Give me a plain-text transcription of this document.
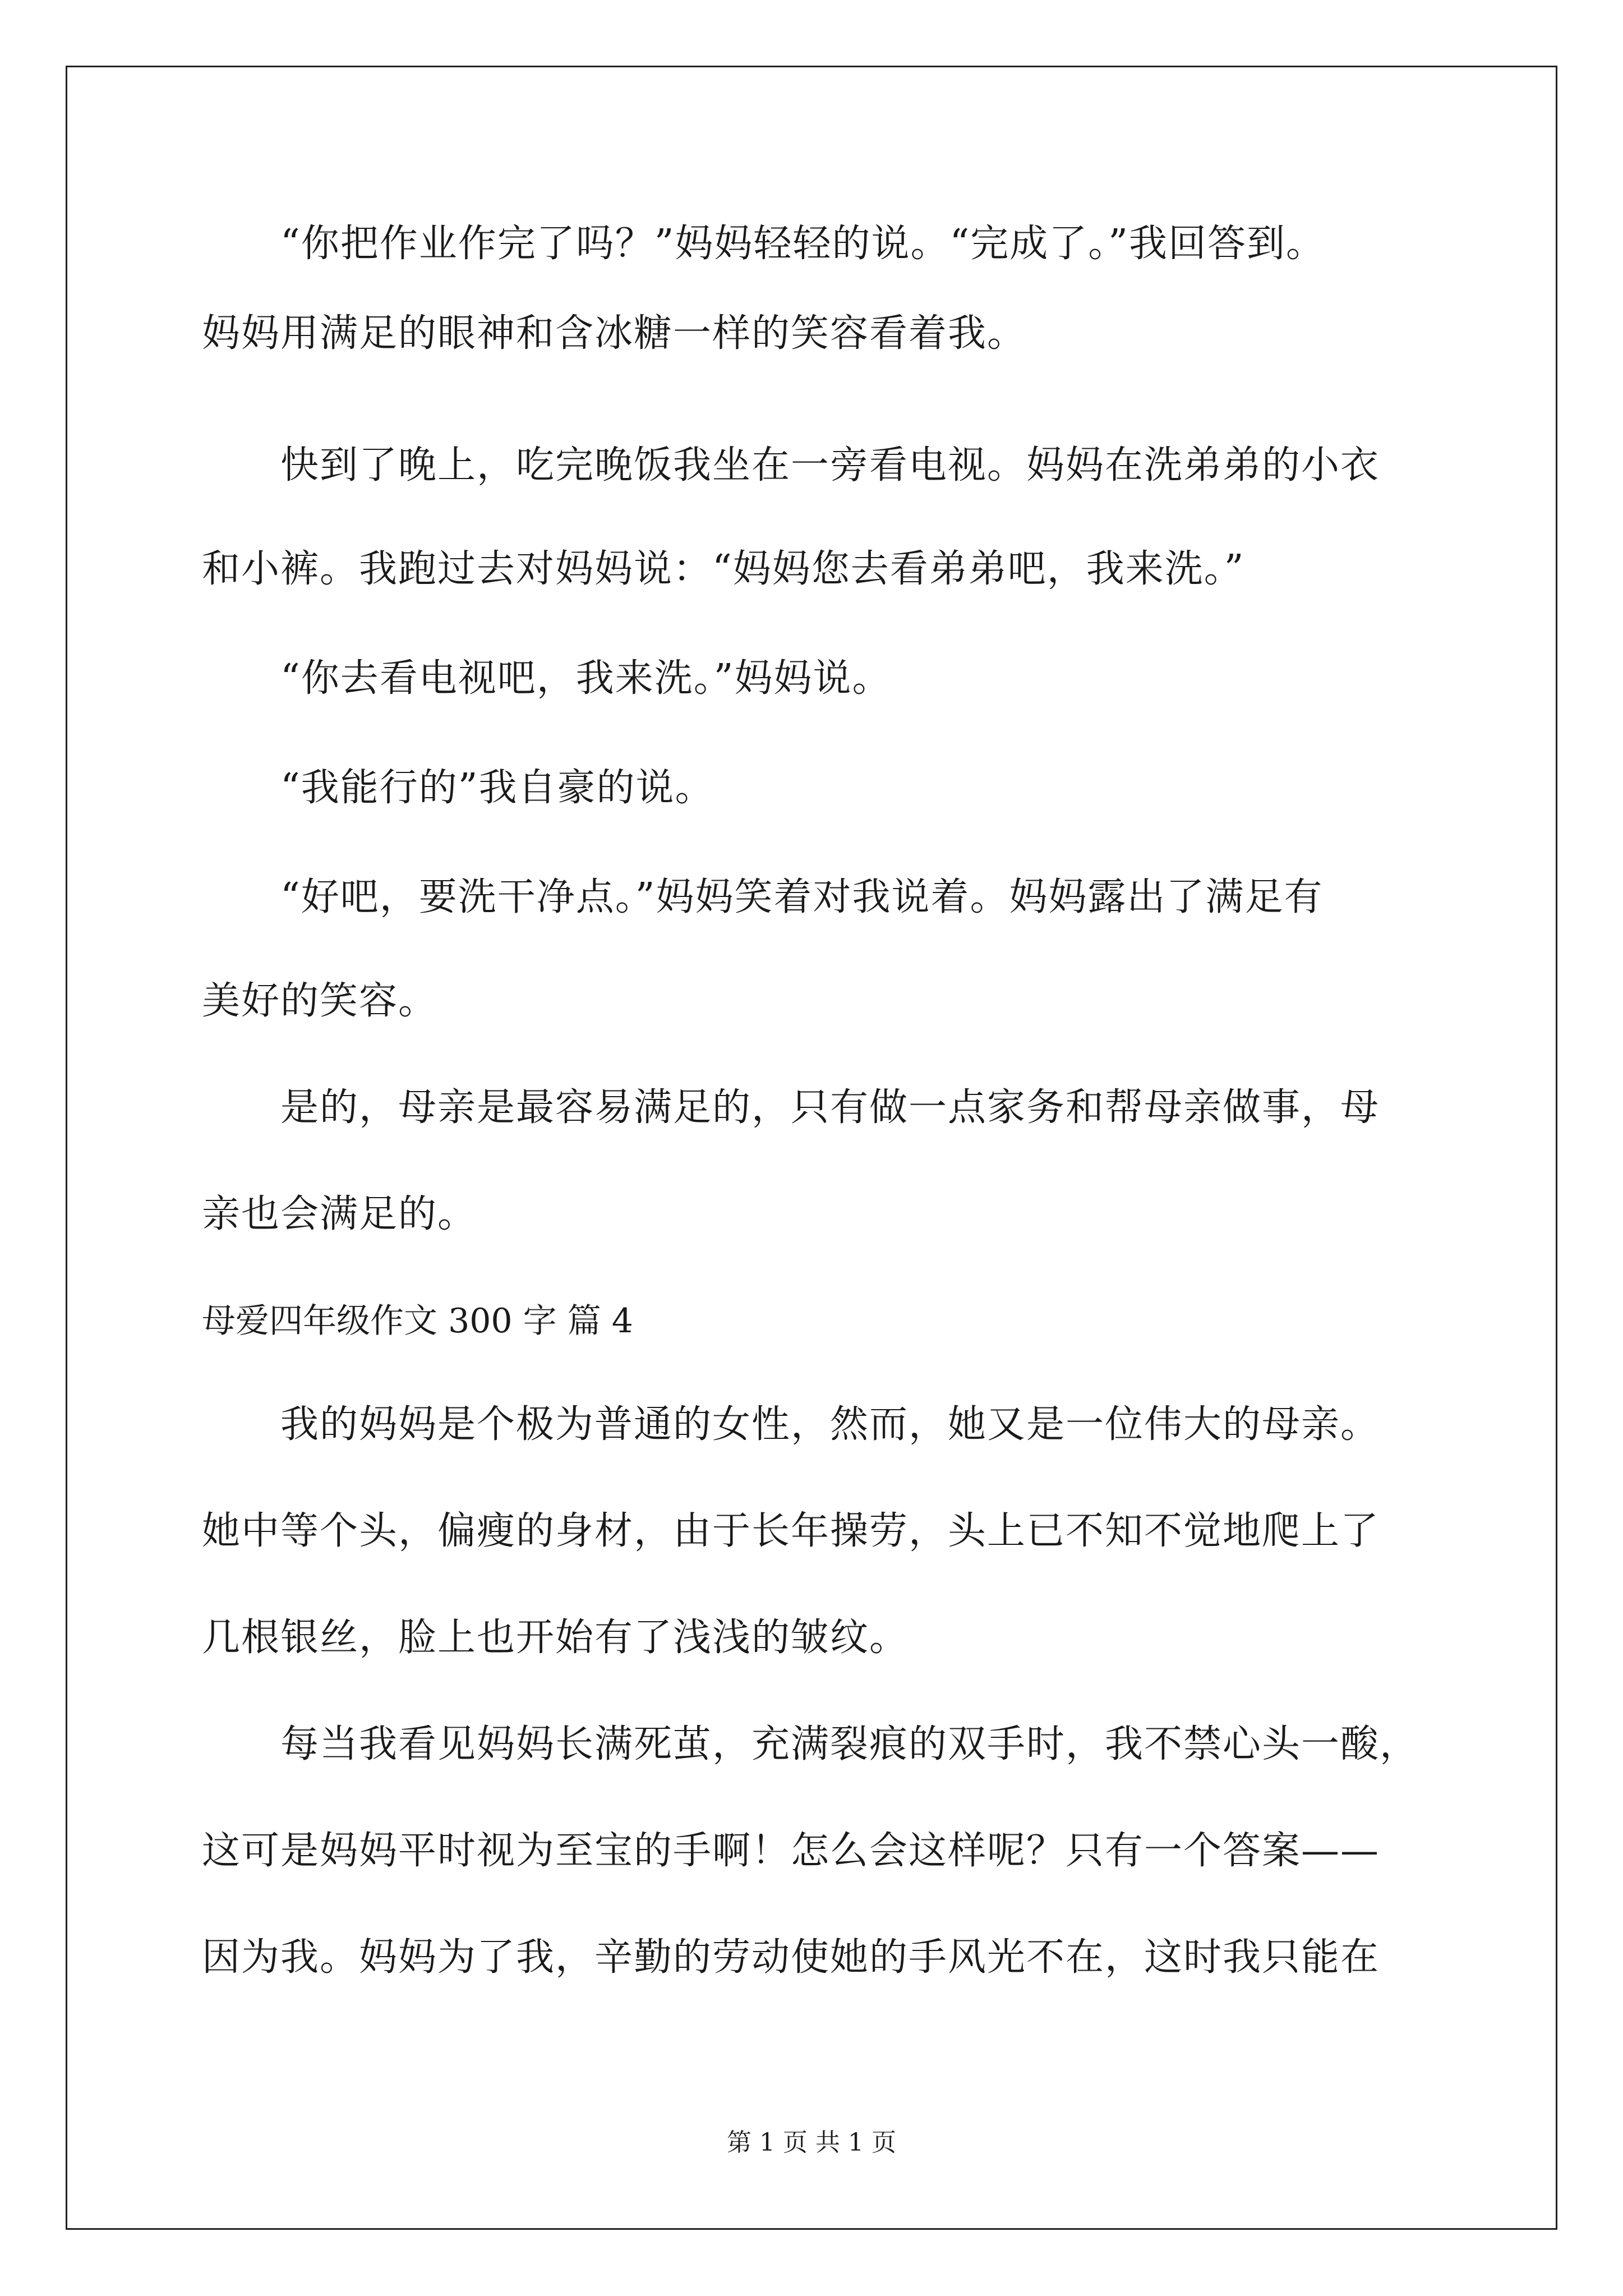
“你把作业作完了吗？”妈妈轻轻的说。“完成了。”我回答到。
妈妈用满足的眼神和含冰糖一样的笑容看着我。
快到了晚上，吃完晚饭我坐在一旁看电视。妈妈在洗弟弟的小衣
和小裤。我跑过去对妈妈说：“妈妈您去看弟弟吧，我来洗。”
“你去看电视吧，我来洗。”妈妈说。
“我能行的”我自豪的说。
“好吧，要洗干净点。”妈妈笑着对我说着。妈妈露出了满足有
美好的笑容。
是的，母亲是最容易满足的，只有做一点家务和帮母亲做事，母
亲也会满足的。
母爱四年级作文 300 字 篇 4
我的妈妈是个极为普通的女性，然而，她又是一位伟大的母亲。
她中等个头，偏瘦的身材，由于长年操劳，头上已不知不觉地爬上了
几根银丝，脸上也开始有了浅浅的皱纹。
每当我看见妈妈长满死茧，充满裂痕的双手时，我不禁心头一酸，
这可是妈妈平时视为至宝的手啊！怎么会这样呢？只有一个答案——
因为我。妈妈为了我，辛勤的劳动使她的手风光不在，这时我只能在
第 1 页 共 1 页
